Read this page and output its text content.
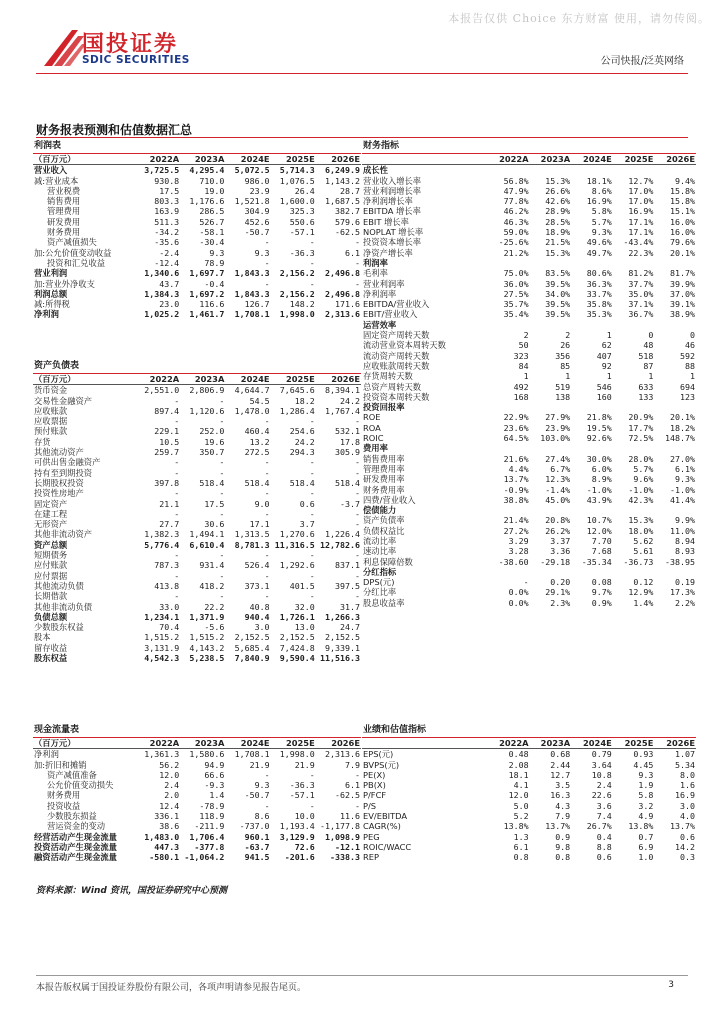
本报告仅供 Choice 东方财富 使用，请勿传阅。
国投证券
SDIC SECURITIES	公司快报/泛英网络
财务报表预测和估值数据汇总
利润表					
（百万元）	2022A	2023A	2024E	2025E	2026E
营业收入	3,725.5	4,295.4	5,072.5	5,714.3	6,249.9
减:营业成本	930.8	710.0	986.0	1,076.5	1,143.2
营业税费	17.5	19.0	23.9	26.4	28.7
销售费用	803.3	1,176.6	1,521.8	1,600.0	1,687.5
管理费用	163.9	286.5	304.9	325.3	382.7
研发费用	511.3	526.7	452.6	550.6	579.6
财务费用	-34.2	-58.1	-50.7	-57.1	-62.5
资产减值损失	-35.6	-30.4	-	-	-
加:公允价值变动收益	-2.4	9.3	9.3	-36.3	6.1
投资和汇兑收益	-12.4	78.9	-	-	-
营业利润	1,340.6	1,697.7	1,843.3	2,156.2	2,496.8
加:营业外净收支	43.7	-0.4	-	-	-
利润总额	1,384.3	1,697.2	1,843.3	2,156.2	2,496.8
减:所得税	23.0	116.6	126.7	148.2	171.6
净利润	1,025.2	1,461.7	1,708.1	1,998.0	2,313.6
资产负债表					
（百万元）	2022A	2023A	2024E	2025E	2026E
货币资金	2,551.0	2,806.9	4,644.7	7,645.6	8,394.1
交易性金融资产	-	-	54.5	18.2	24.2
应收账款	897.4	1,120.6	1,478.0	1,286.4	1,767.4
应收票据	-	-	-	-	-
预付账款	229.1	252.0	460.4	254.6	532.1
存货	10.5	19.6	13.2	24.2	17.8
其他流动资产	259.7	350.7	272.5	294.3	305.9
可供出售金融资产	-	-	-	-	-
持有至到期投资	-	-	-	-	-
长期股权投资	397.8	518.4	518.4	518.4	518.4
投资性房地产	-	-	-	-	-
固定资产	21.1	17.5	9.0	0.6	-3.7
在建工程	-	-	-	-	-
无形资产	27.7	30.6	17.1	3.7	-
其他非流动资产	1,382.3	1,494.1	1,313.5	1,270.6	1,226.4
资产总额	5,776.4	6,610.4	8,781.3	11,316.5	12,782.6
短期债务	-	-	-	-	-
应付账款	787.3	931.4	526.4	1,292.6	837.1
应付票据	-	-	-	-	-
其他流动负债	413.8	418.2	373.1	401.5	397.5
长期借款	-	-	-	-	-
其他非流动负债	33.0	22.2	40.8	32.0	31.7
负债总额	1,234.1	1,371.9	940.4	1,726.1	1,266.3
少数股东权益	70.4	-5.6	3.0	13.0	24.7
股本	1,515.2	1,515.2	2,152.5	2,152.5	2,152.5
留存收益	3,131.9	4,143.2	5,685.4	7,424.8	9,339.1
股东权益	4,542.3	5,238.5	7,840.9	9,590.4	11,516.3
现金流量表					
（百万元）	2022A	2023A	2024E	2025E	2026E
净利润	1,361.3	1,580.6	1,708.1	1,998.0	2,313.6
加:折旧和摊销	56.2	94.9	21.9	21.9	7.9
资产减值准备	12.0	66.6	-	-	-
公允价值变动损失	2.4	-9.3	9.3	-36.3	6.1
财务费用	2.0	1.4	-50.7	-57.1	-62.5
投资收益	12.4	-78.9	-	-	-
少数股东损益	336.1	118.9	8.6	10.0	11.6
营运资金的变动	38.6	-211.9	-737.0	1,193.4	-1,177.8
经营活动产生现金流量	1,483.0	1,706.4	960.1	3,129.9	1,098.9
投资活动产生现金流量	447.3	-377.8	-63.7	72.6	-12.1
融资活动产生现金流量	-580.1	-1,064.2	941.5	-201.6	-338.3
财务指标					
	2022A	2023A	2024E	2025E	2026E
成长性					
营业收入增长率	56.8%	15.3%	18.1%	12.7%	9.4%
营业利润增长率	47.9%	26.6%	8.6%	17.0%	15.8%
净利润增长率	77.8%	42.6%	16.9%	17.0%	15.8%
EBITDA 增长率	46.2%	28.9%	5.8%	16.9%	15.1%
EBIT 增长率	46.3%	28.5%	5.7%	17.1%	16.0%
NOPLAT 增长率	59.0%	18.9%	9.3%	17.1%	16.0%
投资资本增长率	-25.6%	21.5%	49.6%	-43.4%	79.6%
净资产增长率	21.2%	15.3%	49.7%	22.3%	20.1%
利润率					
毛利率	75.0%	83.5%	80.6%	81.2%	81.7%
营业利润率	36.0%	39.5%	36.3%	37.7%	39.9%
净利润率	27.5%	34.0%	33.7%	35.0%	37.0%
EBITDA/营业收入	35.7%	39.5%	35.8%	37.1%	39.1%
EBIT/营业收入	35.4%	39.5%	35.3%	36.7%	38.9%
运营效率					
固定资产周转天数	2	2	1	0	0
流动营业资本周转天数	50	26	62	48	46
流动资产周转天数	323	356	407	518	592
应收账款周转天数	84	85	92	87	88
存货周转天数	1	1	1	1	1
总资产周转天数	492	519	546	633	694
投资资本周转天数	168	138	160	133	123
投资回报率					
ROE	22.9%	27.9%	21.8%	20.9%	20.1%
ROA	23.6%	23.9%	19.5%	17.7%	18.2%
ROIC	64.5%	103.0%	92.6%	72.5%	148.7%
费用率					
销售费用率	21.6%	27.4%	30.0%	28.0%	27.0%
管理费用率	4.4%	6.7%	6.0%	5.7%	6.1%
研发费用率	13.7%	12.3%	8.9%	9.6%	9.3%
财务费用率	-0.9%	-1.4%	-1.0%	-1.0%	-1.0%
四费/营业收入	38.8%	45.0%	43.9%	42.3%	41.4%
偿债能力					
资产负债率	21.4%	20.8%	10.7%	15.3%	9.9%
负债权益比	27.2%	26.2%	12.0%	18.0%	11.0%
流动比率	3.29	3.37	7.70	5.62	8.94
速动比率	3.28	3.36	7.68	5.61	8.93
利息保障倍数	-38.60	-29.18	-35.34	-36.73	-38.95
分红指标					
DPS(元)	-	0.20	0.08	0.12	0.19
分红比率	0.0%	29.1%	9.7%	12.9%	17.3%
股息收益率	0.0%	2.3%	0.9%	1.4%	2.2%
业绩和估值指标					
	2022A	2023A	2024E	2025E	2026E
EPS(元)	0.48	0.68	0.79	0.93	1.07
BVPS(元)	2.08	2.44	3.64	4.45	5.34
PE(X)	18.1	12.7	10.8	9.3	8.0
PB(X)	4.1	3.5	2.4	1.9	1.6
P/FCF	12.0	16.3	22.6	5.8	16.9
P/S	5.0	4.3	3.6	3.2	3.0
EV/EBITDA	5.2	7.9	7.4	4.9	4.0
CAGR(%)	13.8%	13.7%	26.7%	13.8%	13.7%
PEG	1.3	0.9	0.4	0.7	0.6
ROIC/WACC	6.1	9.8	8.8	6.9	14.2
REP	0.8	0.8	0.6	1.0	0.3
资料来源：Wind 资讯，国投证券研究中心预测
本报告版权属于国投证券股份有限公司，各项声明请参见报告尾页。	3
